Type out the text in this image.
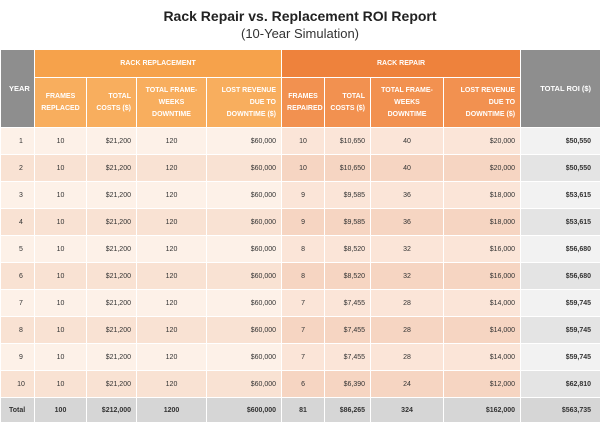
Rack Repair vs. Replacement ROI Report
(10-Year Simulation)
YEAR	RACK REPLACEMENT				RACK REPAIR				TOTAL ROI ($)
	FRAMES REPLACED	TOTAL COSTS ($)	TOTAL FRAME-WEEKS DOWNTIME	LOST REVENUE DUE TO DOWNTIME ($)	FRAMES REPAIRED	TOTAL COSTS ($)	TOTAL FRAME-WEEKS DOWNTIME	LOST REVENUE DUE TO DOWNTIME ($)	
1	10	$21,200	120	$60,000	10	$10,650	40	$20,000	$50,550
2	10	$21,200	120	$60,000	10	$10,650	40	$20,000	$50,550
3	10	$21,200	120	$60,000	9	$9,585	36	$18,000	$53,615
4	10	$21,200	120	$60,000	9	$9,585	36	$18,000	$53,615
5	10	$21,200	120	$60,000	8	$8,520	32	$16,000	$56,680
6	10	$21,200	120	$60,000	8	$8,520	32	$16,000	$56,680
7	10	$21,200	120	$60,000	7	$7,455	28	$14,000	$59,745
8	10	$21,200	120	$60,000	7	$7,455	28	$14,000	$59,745
9	10	$21,200	120	$60,000	7	$7,455	28	$14,000	$59,745
10	10	$21,200	120	$60,000	6	$6,390	24	$12,000	$62,810
Total	100	$212,000	1200	$600,000	81	$86,265	324	$162,000	$563,735
